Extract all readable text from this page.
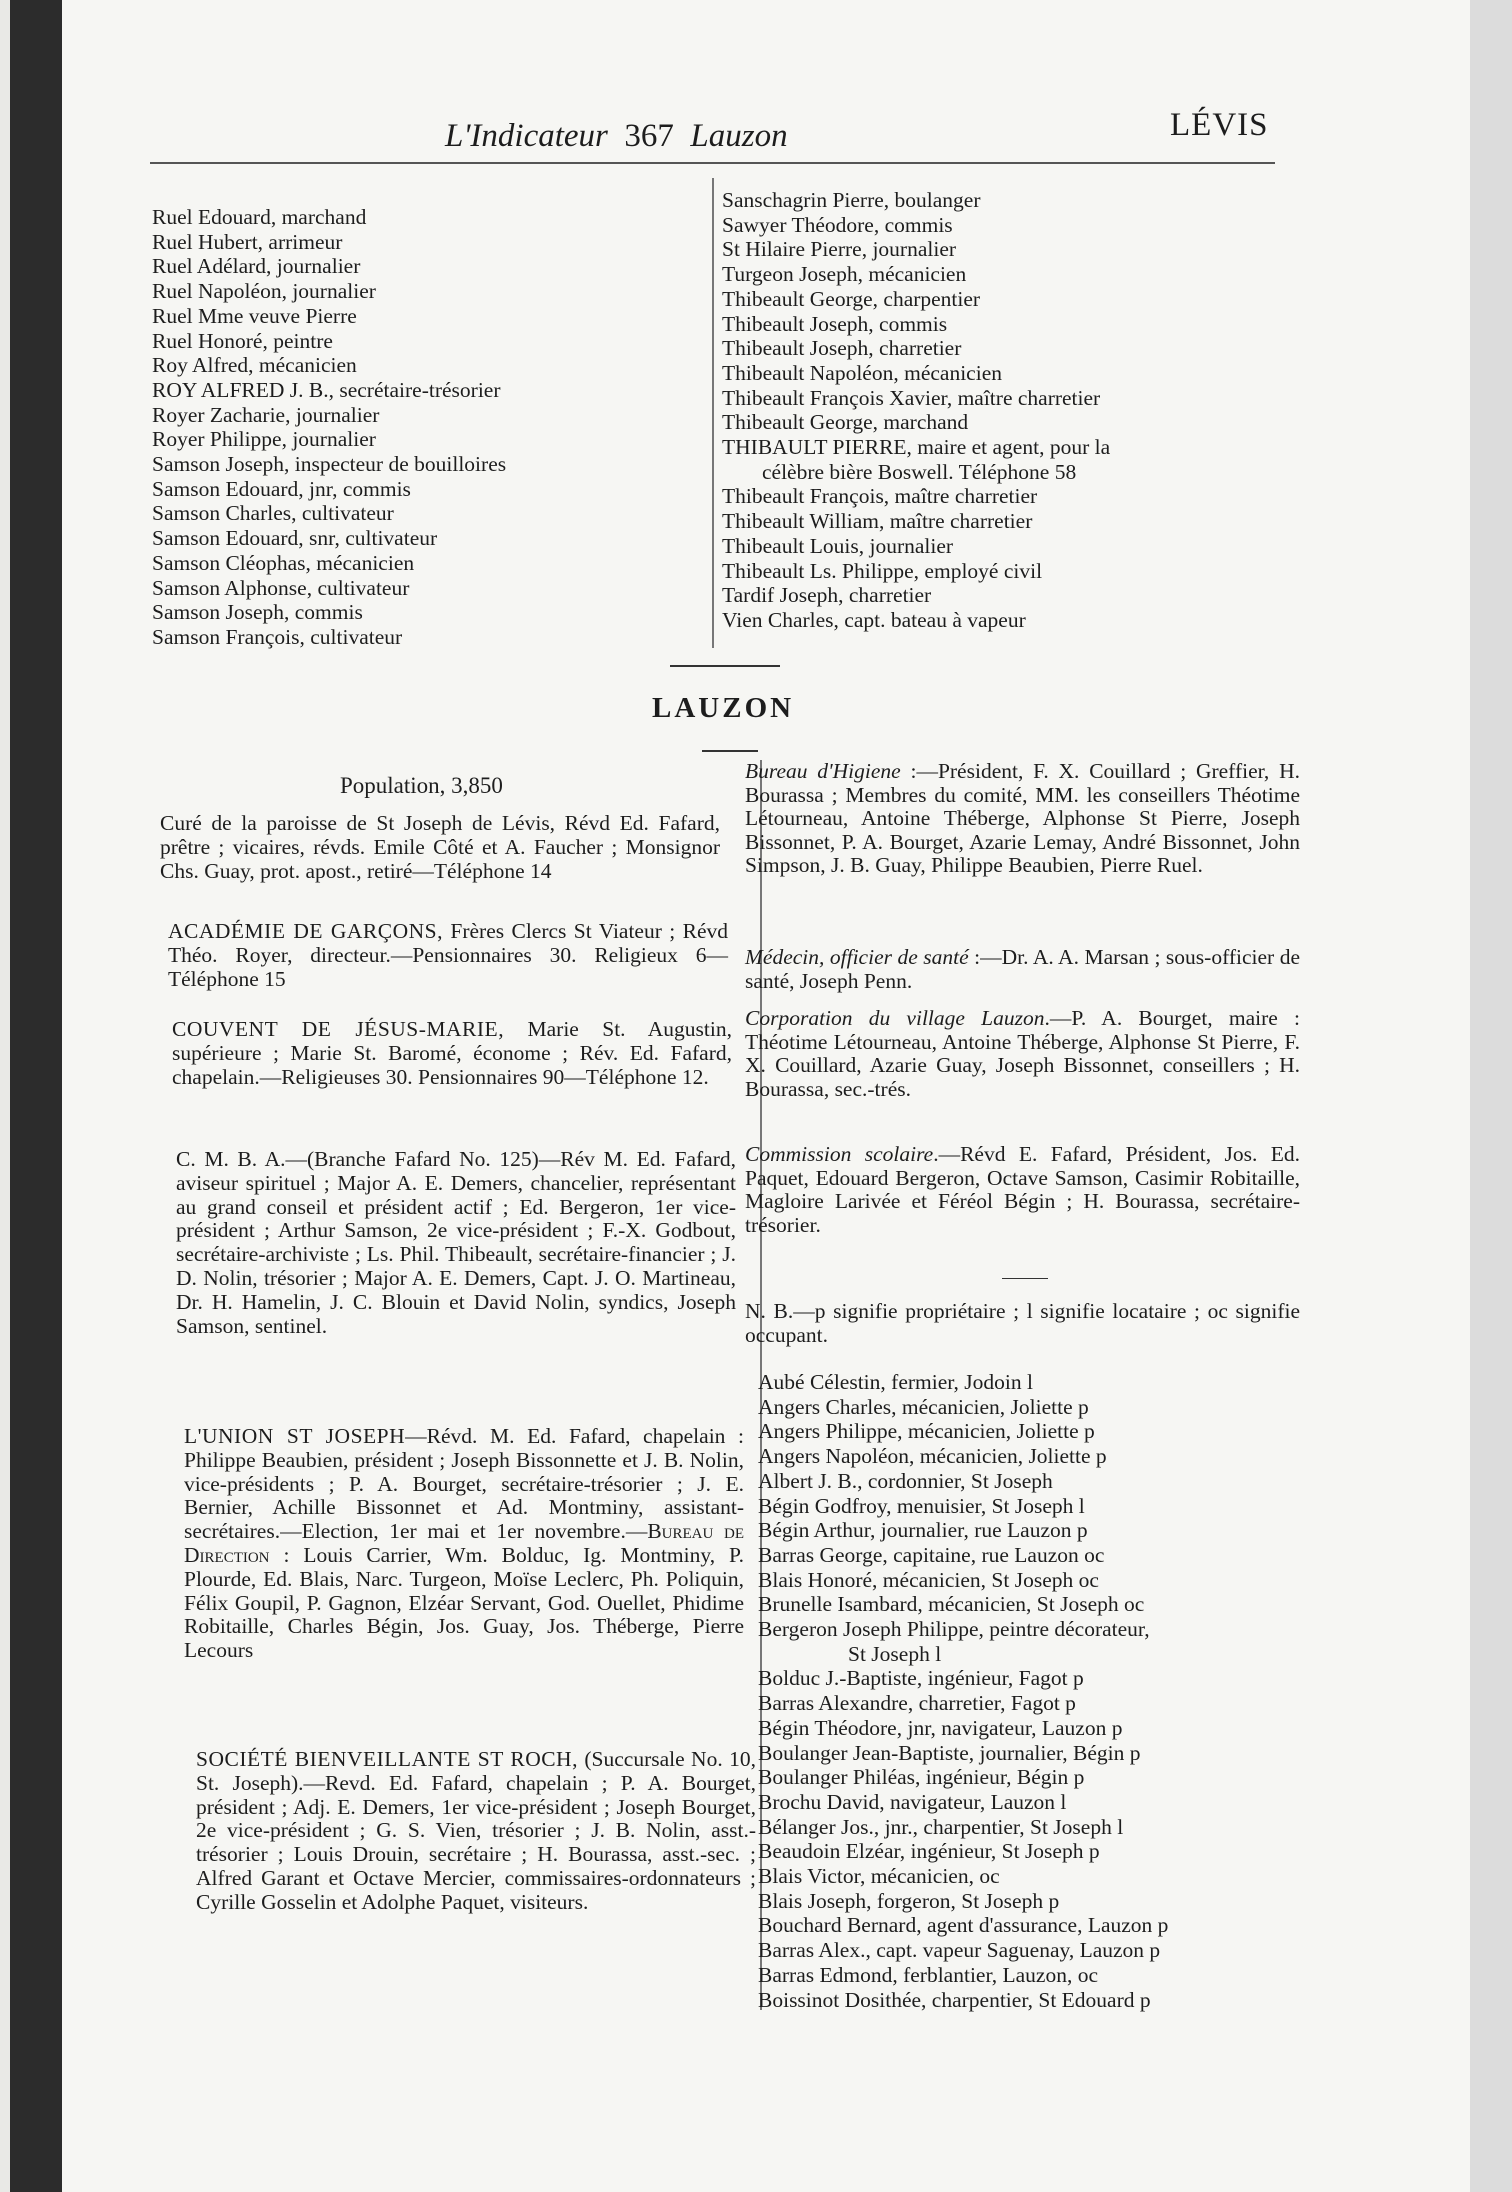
L'Indicateur 367 Lauzon	LÉVIS
Ruel Edouard, marchand
Ruel Hubert, arrimeur
Ruel Adélard, journalier
Ruel Napoléon, journalier
Ruel Mme veuve Pierre
Ruel Honoré, peintre
Roy Alfred, mécanicien
ROY ALFRED J. B., secrétaire-trésorier
Royer Zacharie, journalier
Royer Philippe, journalier
Samson Joseph, inspecteur de bouilloires
Samson Edouard, jnr, commis
Samson Charles, cultivateur
Samson Edouard, snr, cultivateur
Samson Cléophas, mécanicien
Samson Alphonse, cultivateur
Samson Joseph, commis
Samson François, cultivateur
Sanschagrin Pierre, boulanger
Sawyer Théodore, commis
St Hilaire Pierre, journalier
Turgeon Joseph, mécanicien
Thibeault George, charpentier
Thibeault Joseph, commis
Thibeault Joseph, charretier
Thibeault Napoléon, mécanicien
Thibeault François Xavier, maître charretier
Thibeault George, marchand
THIBAULT PIERRE, maire et agent, pour la
célèbre bière Boswell. Téléphone 58
Thibeault François, maître charretier
Thibeault William, maître charretier
Thibeault Louis, journalier
Thibeault Ls. Philippe, employé civil
Tardif Joseph, charretier
Vien Charles, capt. bateau à vapeur
LAUZON
Population, 3,850
Curé de la paroisse de St Joseph de Lévis, Révd Ed. Fafard, prêtre ; vicaires, révds. Emile Côté et A. Faucher ; Monsignor Chs. Guay, prot. apost., retiré—Téléphone 14
ACADÉMIE DE GARÇONS, Frères Clercs St Viateur ; Révd Théo. Royer, directeur.—Pensionnaires 30. Religieux 6—Téléphone 15
COUVENT DE JÉSUS-MARIE, Marie St. Augustin, supérieure ; Marie St. Baromé, économe ; Rév. Ed. Fafard, chapelain.—Religieuses 30. Pensionnaires 90—Téléphone 12.
C. M. B. A.—(Branche Fafard No. 125)—Rév M. Ed. Fafard, aviseur spirituel ; Major A. E. Demers, chancelier, représentant au grand conseil et président actif ; Ed. Bergeron, 1er vice-président ; Arthur Samson, 2e vice-président ; F.-X. Godbout, secrétaire-archiviste ; Ls. Phil. Thibeault, secrétaire-financier ; J. D. Nolin, trésorier ; Major A. E. Demers, Capt. J. O. Martineau, Dr. H. Hamelin, J. C. Blouin et David Nolin, syndics, Joseph Samson, sentinel.
L'UNION ST JOSEPH—Révd. M. Ed. Fafard, chapelain : Philippe Beaubien, président ; Joseph Bissonnette et J. B. Nolin, vice-présidents ; P. A. Bourget, secrétaire-trésorier ; J. E. Bernier, Achille Bissonnet et Ad. Montminy, assistant-secrétaires.—Election, 1er mai et 1er novembre.—Bureau de Direction : Louis Carrier, Wm. Bolduc, Ig. Montminy, P. Plourde, Ed. Blais, Narc. Turgeon, Moïse Leclerc, Ph. Poliquin, Félix Goupil, P. Gagnon, Elzéar Servant, God. Ouellet, Phidime Robitaille, Charles Bégin, Jos. Guay, Jos. Théberge, Pierre Lecours
SOCIÉTÉ BIENVEILLANTE ST ROCH, (Succursale No. 10, St. Joseph).—Revd. Ed. Fafard, chapelain ; P. A. Bourget, président ; Adj. E. Demers, 1er vice-président ; Joseph Bourget, 2e vice-président ; G. S. Vien, trésorier ; J. B. Nolin, asst.-trésorier ; Louis Drouin, secrétaire ; H. Bourassa, asst.-sec. ; Alfred Garant et Octave Mercier, commissaires-ordonnateurs ; Cyrille Gosselin et Adolphe Paquet, visiteurs.
Bureau d'Higiene :—Président, F. X. Couillard ; Greffier, H. Bourassa ; Membres du comité, MM. les conseillers Théotime Létourneau, Antoine Théberge, Alphonse St Pierre, Joseph Bissonnet, P. A. Bourget, Azarie Lemay, André Bissonnet, John Simpson, J. B. Guay, Philippe Beaubien, Pierre Ruel.
Médecin, officier de santé :—Dr. A. A. Marsan ; sous-officier de santé, Joseph Penn.
Corporation du village Lauzon.—P. A. Bourget, maire : Théotime Létourneau, Antoine Théberge, Alphonse St Pierre, F. X. Couillard, Azarie Guay, Joseph Bissonnet, conseillers ; H. Bourassa, sec.-trés.
Commission scolaire.—Révd E. Fafard, Président, Jos. Ed. Paquet, Edouard Bergeron, Octave Samson, Casimir Robitaille, Magloire Larivée et Féréol Bégin ; H. Bourassa, secrétaire-trésorier.
N. B.—p signifie propriétaire ; l signifie locataire ; oc signifie occupant.
Aubé Célestin, fermier, Jodoin l
Angers Charles, mécanicien, Joliette p
Angers Philippe, mécanicien, Joliette p
Angers Napoléon, mécanicien, Joliette p
Albert J. B., cordonnier, St Joseph
Bégin Godfroy, menuisier, St Joseph l
Bégin Arthur, journalier, rue Lauzon p
Barras George, capitaine, rue Lauzon oc
Blais Honoré, mécanicien, St Joseph oc
Brunelle Isambard, mécanicien, St Joseph oc
Bergeron Joseph Philippe, peintre décorateur,
St Joseph l
Bolduc J.-Baptiste, ingénieur, Fagot p
Barras Alexandre, charretier, Fagot p
Bégin Théodore, jnr, navigateur, Lauzon p
Boulanger Jean-Baptiste, journalier, Bégin p
Boulanger Philéas, ingénieur, Bégin p
Brochu David, navigateur, Lauzon l
Bélanger Jos., jnr., charpentier, St Joseph l
Beaudoin Elzéar, ingénieur, St Joseph p
Blais Victor, mécanicien, oc
Blais Joseph, forgeron, St Joseph p
Bouchard Bernard, agent d'assurance, Lauzon p
Barras Alex., capt. vapeur Saguenay, Lauzon p
Barras Edmond, ferblantier, Lauzon, oc
Boissinot Dosithée, charpentier, St Edouard p
